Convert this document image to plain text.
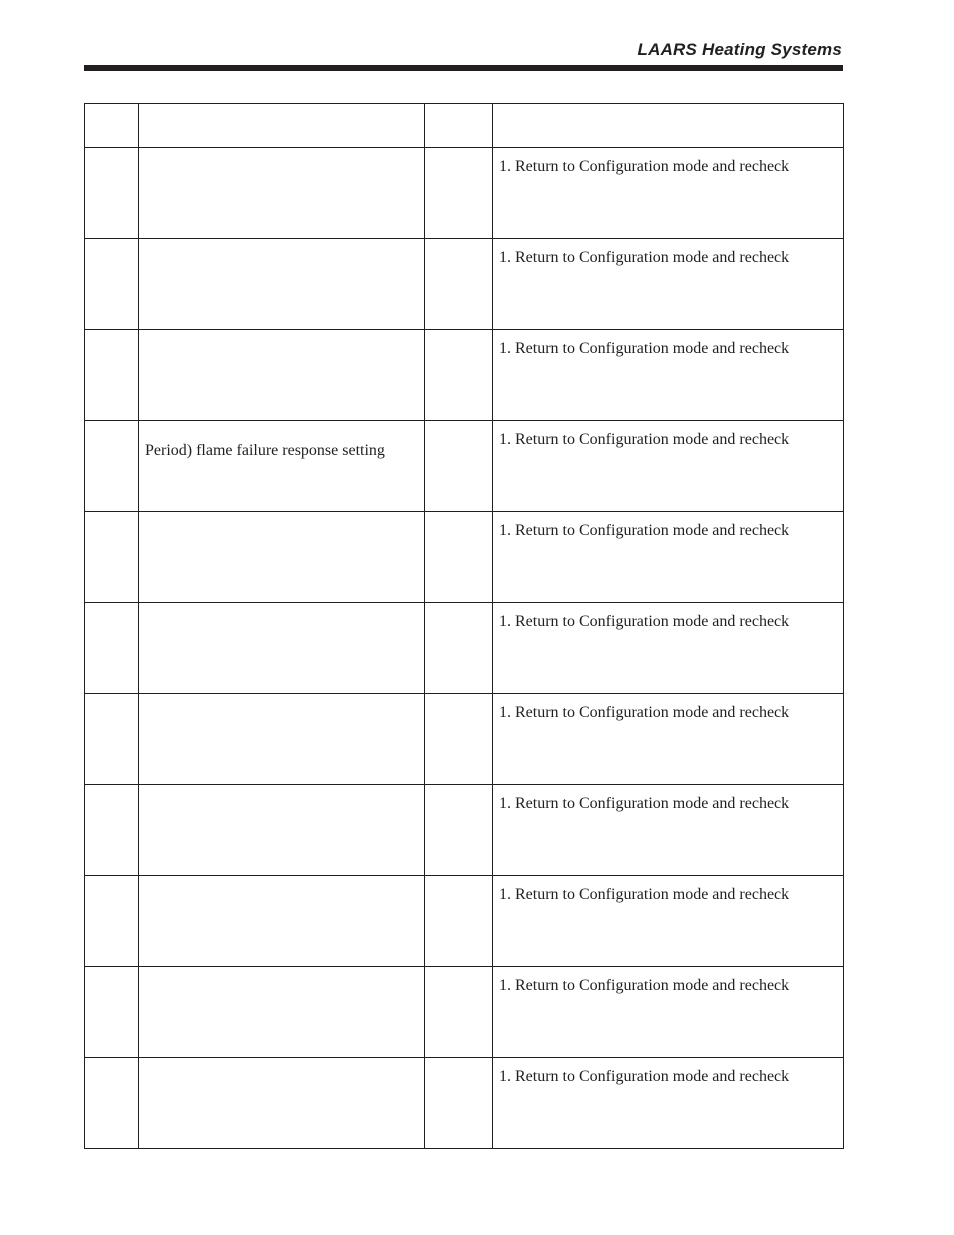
LAARS Heating Systems

			1. Return to Configuration mode and recheck

			1. Return to Configuration mode and recheck

			1. Return to Configuration mode and recheck

	Period) flame failure response setting		1. Return to Configuration mode and recheck

			1. Return to Configuration mode and recheck

			1. Return to Configuration mode and recheck

			1. Return to Configuration mode and recheck

			1. Return to Configuration mode and recheck

			1. Return to Configuration mode and recheck

			1. Return to Configuration mode and recheck

			1. Return to Configuration mode and recheck
